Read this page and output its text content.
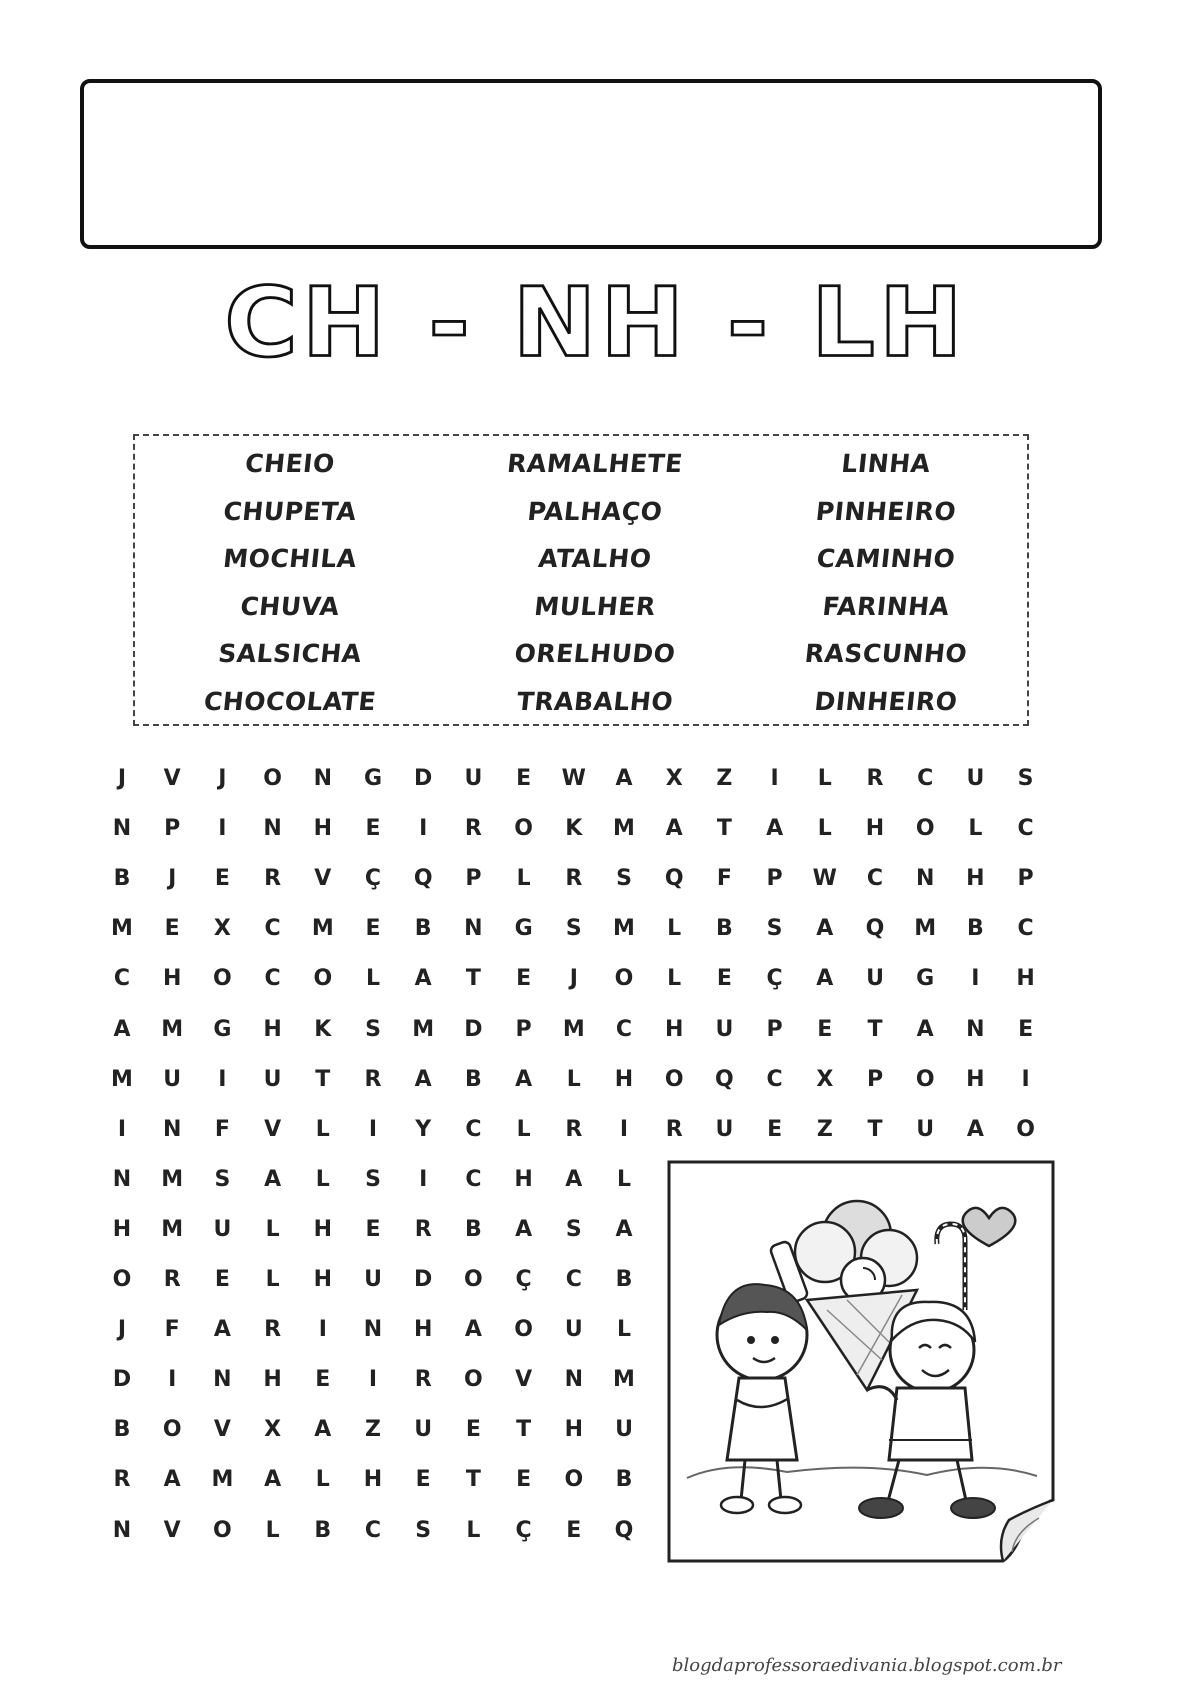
CH - NH - LH
CHEIO	RAMALHETE	LINHA
CHUPETA	PALHAÇO	PINHEIRO
MOCHILA	ATALHO	CAMINHO
CHUVA	MULHER	FARINHA
SALSICHA	ORELHUDO	RASCUNHO
CHOCOLATE	TRABALHO	DINHEIRO
J	V	J	O	N	G	D	U	E	W	A	X	Z	I	L	R	C	U	S
N	P	I	N	H	E	I	R	O	K	M	A	T	A	L	H	O	L	C
B	J	E	R	V	Ç	Q	P	L	R	S	Q	F	P	W	C	N	H	P
M	E	X	C	M	E	B	N	G	S	M	L	B	S	A	Q	M	B	C
C	H	O	C	O	L	A	T	E	J	O	L	E	Ç	A	U	G	I	H
A	M	G	H	K	S	M	D	P	M	C	H	U	P	E	T	A	N	E
M	U	I	U	T	R	A	B	A	L	H	O	Q	C	X	P	O	H	I
I	N	F	V	L	I	Y	C	L	R	I	R	U	E	Z	T	U	A	O
N	M	S	A	L	S	I	C	H	A	L
H	M	U	L	H	E	R	B	A	S	A
O	R	E	L	H	U	D	O	Ç	C	B
J	F	A	R	I	N	H	A	O	U	L
D	I	N	H	E	I	R	O	V	N	M
B	O	V	X	A	Z	U	E	T	H	U
R	A	M	A	L	H	E	T	E	O	B
N	V	O	L	B	C	S	L	Ç	E	Q
blogdaprofessoraedivania.blogspot.com.br
